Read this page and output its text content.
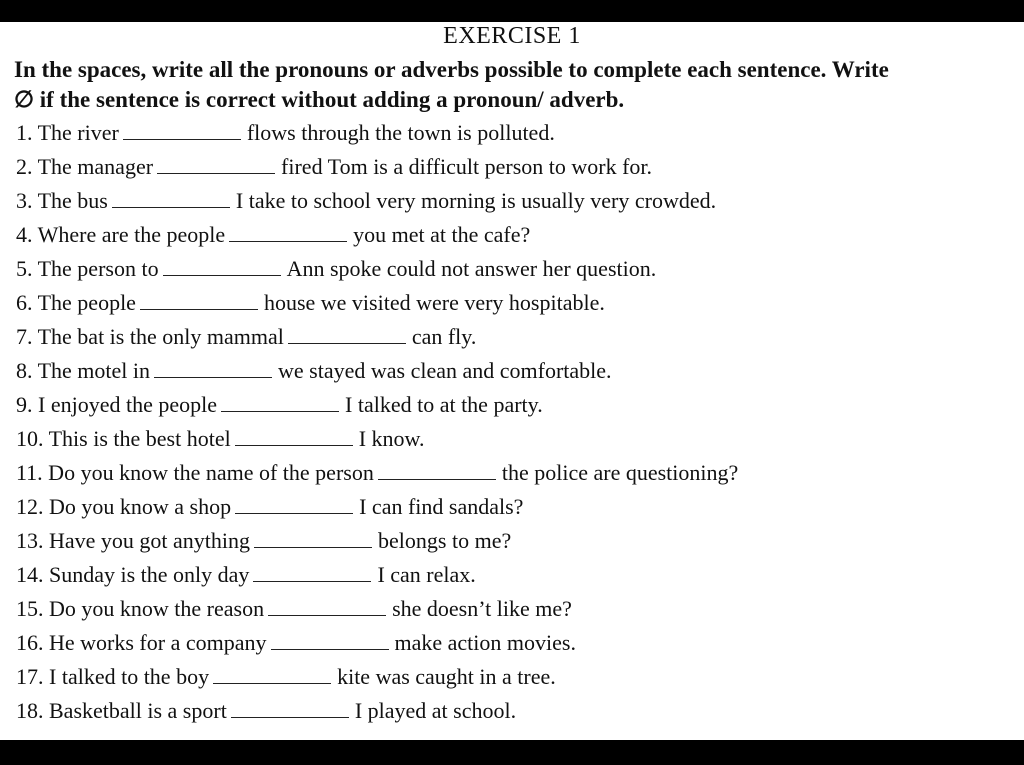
EXERCISE 1
In the spaces, write all the pronouns or adverbs possible to complete each sentence. Write
∅ if the sentence is correct without adding a pronoun/ adverb.
1. The river	flows through the town is polluted.
2. The manager	fired Tom is a difficult person to work for.
3. The bus	I take to school very morning is usually very crowded.
4. Where are the people	you met at the cafe?
5. The person to	Ann spoke could not answer her question.
6. The people	house we visited were very hospitable.
7. The bat is the only mammal	can fly.
8. The motel in	we stayed was clean and comfortable.
9. I enjoyed the people	I talked to at the party.
10. This is the best hotel	I know.
11. Do you know the name of the person	the police are questioning?
12. Do you know a shop	I can find sandals?
13. Have you got anything	belongs to me?
14. Sunday is the only day	I can relax.
15. Do you know the reason	she doesn’t like me?
16. He works for a company	make action movies.
17. I talked to the boy	kite was caught in a tree.
18. Basketball is a sport	I played at school.
